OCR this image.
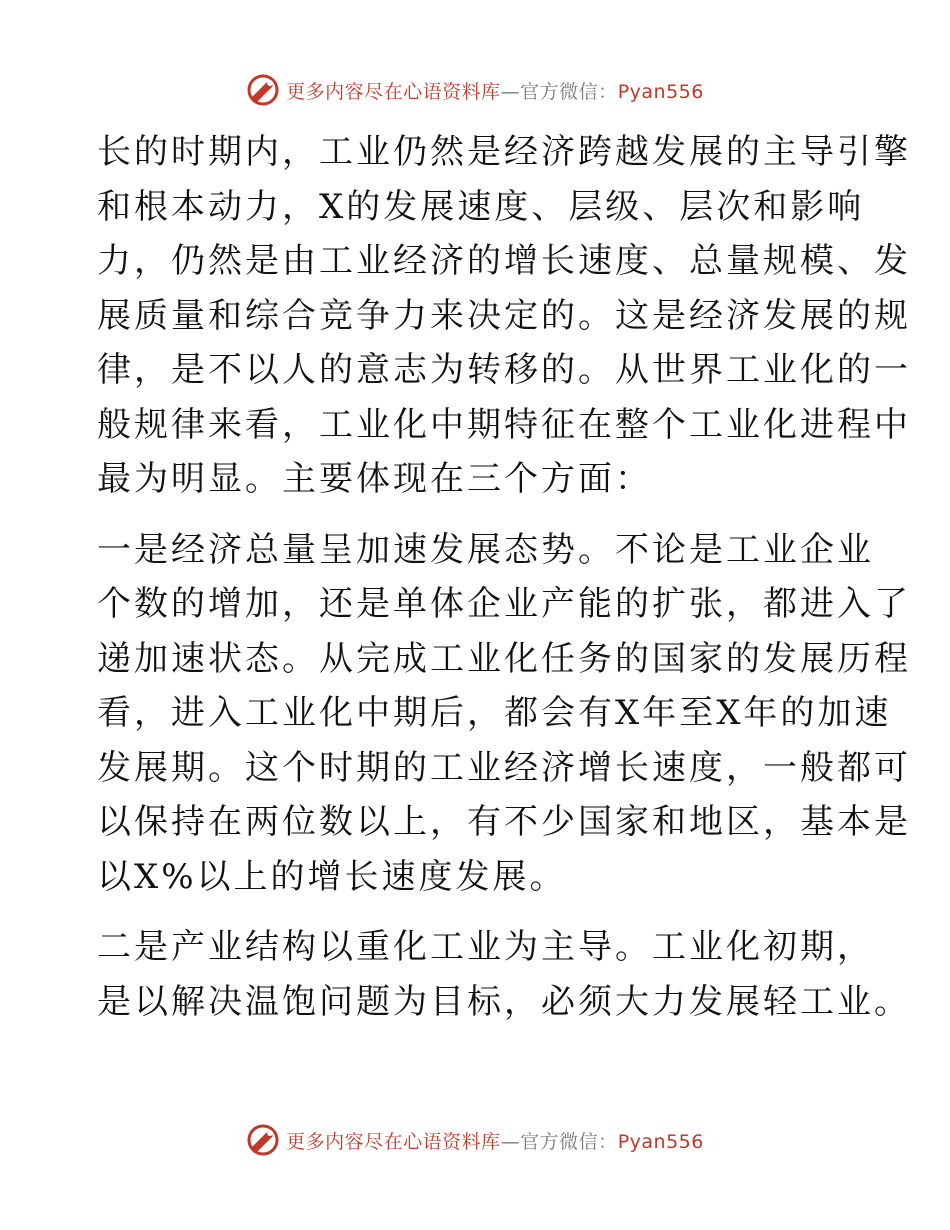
更多内容尽在心语资料库—官方微信：Pyan556

长的时期内，工业仍然是经济跨越发展的主导引擎
和根本动力，X的发展速度、层级、层次和影响
力，仍然是由工业经济的增长速度、总量规模、发
展质量和综合竞争力来决定的。这是经济发展的规
律，是不以人的意志为转移的。从世界工业化的一
般规律来看，工业化中期特征在整个工业化进程中
最为明显。主要体现在三个方面：

一是经济总量呈加速发展态势。不论是工业企业
个数的增加，还是单体企业产能的扩张，都进入了
递加速状态。从完成工业化任务的国家的发展历程
看，进入工业化中期后，都会有X年至X年的加速
发展期。这个时期的工业经济增长速度，一般都可
以保持在两位数以上，有不少国家和地区，基本是
以X%以上的增长速度发展。

二是产业结构以重化工业为主导。工业化初期，
是以解决温饱问题为目标，必须大力发展轻工业。

更多内容尽在心语资料库—官方微信：Pyan556
